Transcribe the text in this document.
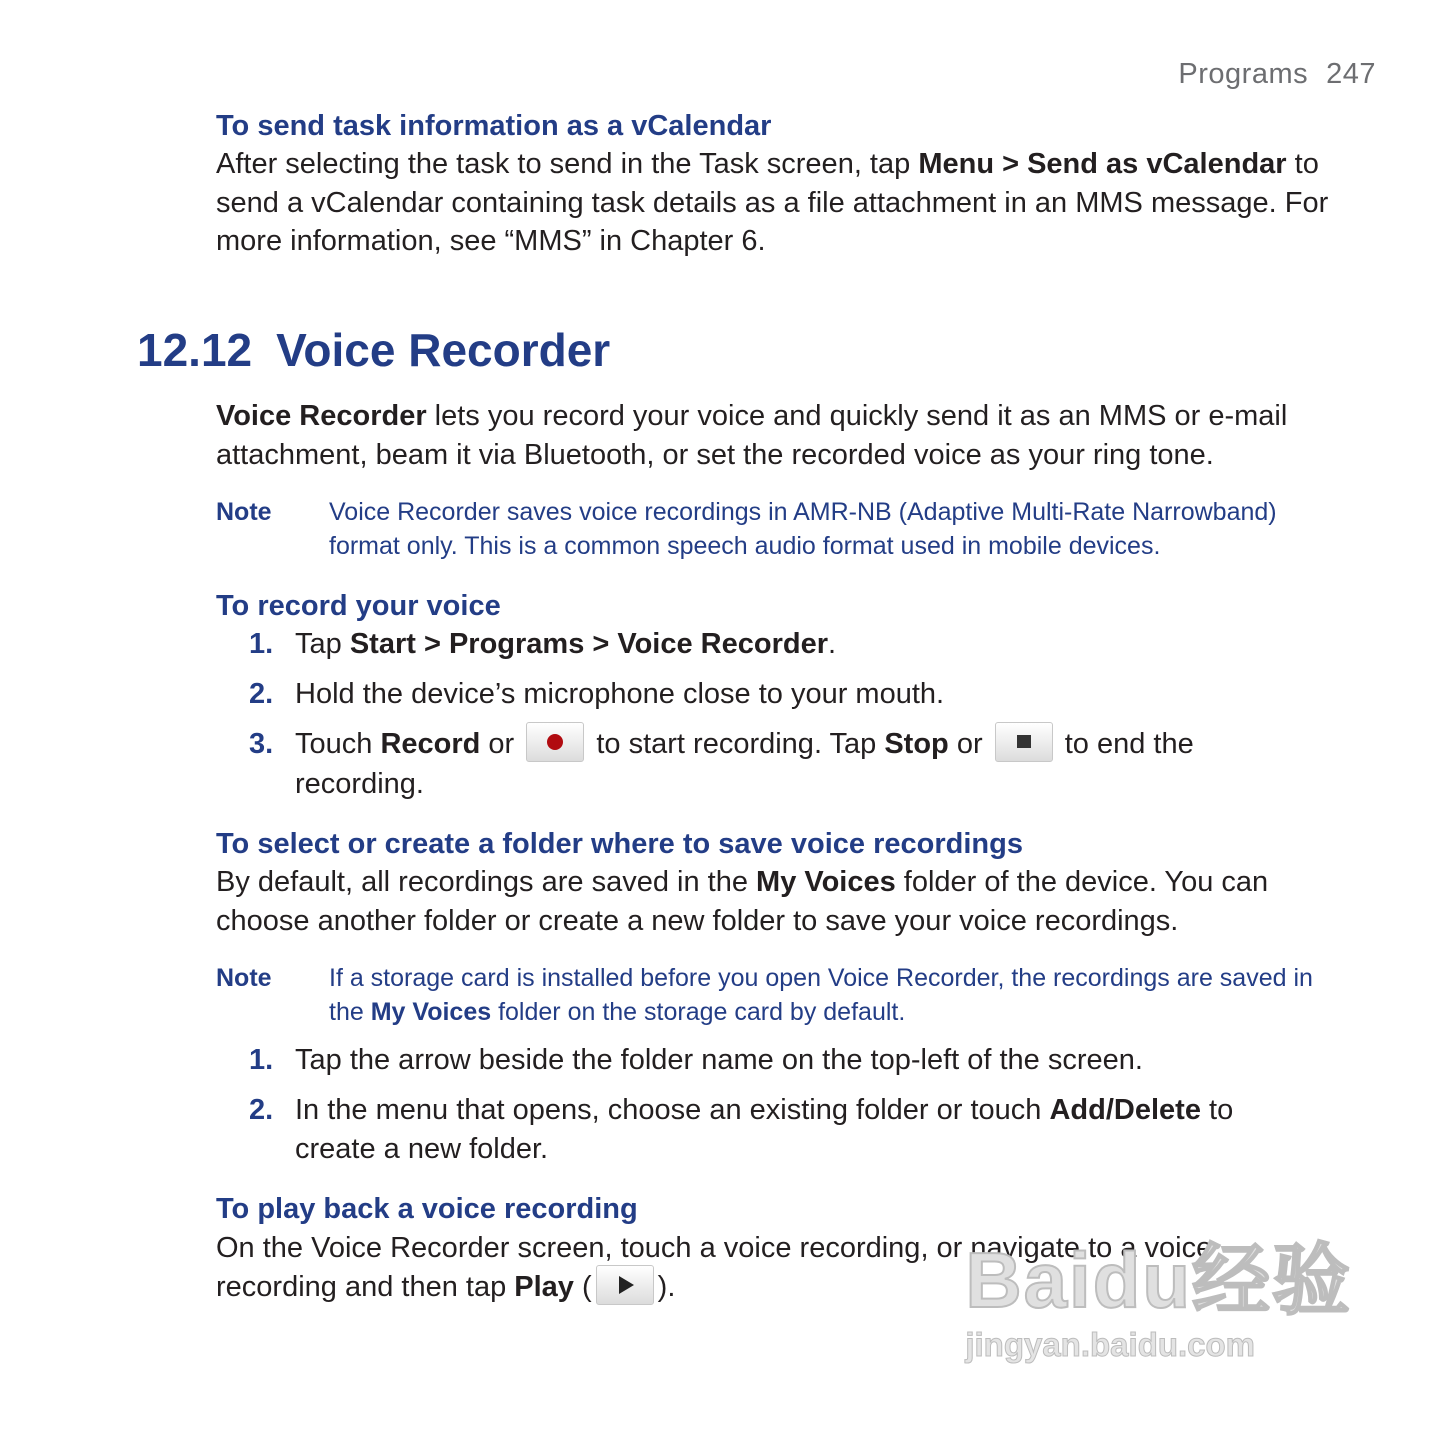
Programs 247
To send task information as a vCalendar
After selecting the task to send in the Task screen, tap Menu > Send as vCalendar to send a vCalendar containing task details as a file attachment in an MMS message. For more information, see “MMS” in Chapter 6.
12.12 Voice Recorder
Voice Recorder lets you record your voice and quickly send it as an MMS or e-mail attachment, beam it via Bluetooth, or set the recorded voice as your ring tone.
Note Voice Recorder saves voice recordings in AMR-NB (Adaptive Multi-Rate Narrowband) format only. This is a common speech audio format used in mobile devices.
To record your voice
1. Tap Start > Programs > Voice Recorder.
2. Hold the device’s microphone close to your mouth.
3. Touch Record or
to start recording. Tap Stop or
to end the recording.
To select or create a folder where to save voice recordings
By default, all recordings are saved in the My Voices folder of the device. You can choose another folder or create a new folder to save your voice recordings.
Note If a storage card is installed before you open Voice Recorder, the recordings are saved in the My Voices folder on the storage card by default.
1. Tap the arrow beside the folder name on the top-left of the screen.
2. In the menu that opens, choose an existing folder or touch Add/Delete to create a new folder.
To play back a voice recording
On the Voice Recorder screen, touch a voice recording, or navigate to a voice recording and then tap Play ( ).	Baidu经验
jingyan.baidu.com
